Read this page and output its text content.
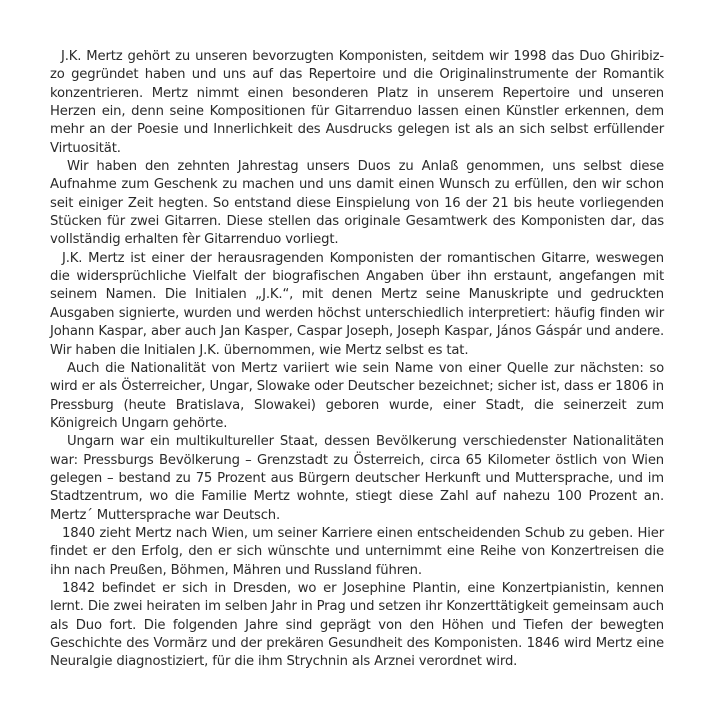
J.K. Mertz gehört zu unseren bevorzugten Komponisten, seitdem wir 1998 das Duo Ghiribiz-zo gegründet haben und uns auf das Repertoire und die Originalinstrumente der Romantik konzentrieren. Mertz nimmt einen besonderen Platz in unserem Repertoire und unseren Herzen ein, denn seine Kompositionen für Gitarrenduo lassen einen Künstler erkennen, dem mehr an der Poesie und Innerlichkeit des Ausdrucks gelegen ist als an sich selbst erfüllender Virtuosität.

Wir haben den zehnten Jahrestag unsers Duos zu Anlaß genommen, uns selbst diese Aufnahme zum Geschenk zu machen und uns damit einen Wunsch zu erfüllen, den wir schon seit einiger Zeit hegten. So entstand diese Einspielung von 16 der 21 bis heute vorliegenden Stücken für zwei Gitarren. Diese stellen das originale Gesamtwerk des Komponisten dar, das vollständig erhalten fèr Gitarrenduo vorliegt.

J.K. Mertz ist einer der herausragenden Komponisten der romantischen Gitarre, weswegen die widersprüchliche Vielfalt der biografischen Angaben über ihn erstaunt, angefangen mit seinem Namen. Die Initialen „J.K.“, mit denen Mertz seine Manuskripte und gedruckten Ausgaben signierte, wurden und werden höchst unterschiedlich interpretiert: häufig finden wir Johann Kaspar, aber auch Jan Kasper, Caspar Joseph, Joseph Kaspar, János Gáspár und andere. Wir haben die Initialen J.K. übernommen, wie Mertz selbst es tat.

Auch die Nationalität von Mertz variiert wie sein Name von einer Quelle zur nächsten: so wird er als Österreicher, Ungar, Slowake oder Deutscher bezeichnet; sicher ist, dass er 1806 in Pressburg (heute Bratislava, Slowakei) geboren wurde, einer Stadt, die seinerzeit zum Königreich Ungarn gehörte.

Ungarn war ein multikultureller Staat, dessen Bevölkerung verschiedenster Nationalitäten war: Pressburgs Bevölkerung – Grenzstadt zu Österreich, circa 65 Kilometer östlich von Wien gelegen – bestand zu 75 Prozent aus Bürgern deutscher Herkunft und Muttersprache, und im Stadtzentrum, wo die Familie Mertz wohnte, stiegt diese Zahl auf nahezu 100 Prozent an. Mertz´ Muttersprache war Deutsch.

1840 zieht Mertz nach Wien, um seiner Karriere einen entscheidenden Schub zu geben. Hier findet er den Erfolg, den er sich wünschte und unternimmt eine Reihe von Konzertreisen die ihn nach Preußen, Böhmen, Mähren und Russland führen.

1842 befindet er sich in Dresden, wo er Josephine Plantin, eine Konzertpianistin, kennen lernt. Die zwei heiraten im selben Jahr in Prag und setzen ihr Konzerttätigkeit gemeinsam auch als Duo fort. Die folgenden Jahre sind geprägt von den Höhen und Tiefen der bewegten Geschichte des Vormärz und der prekären Gesundheit des Komponisten. 1846 wird Mertz eine Neuralgie diagnostiziert, für die ihm Strychnin als Arznei verordnet wird.
